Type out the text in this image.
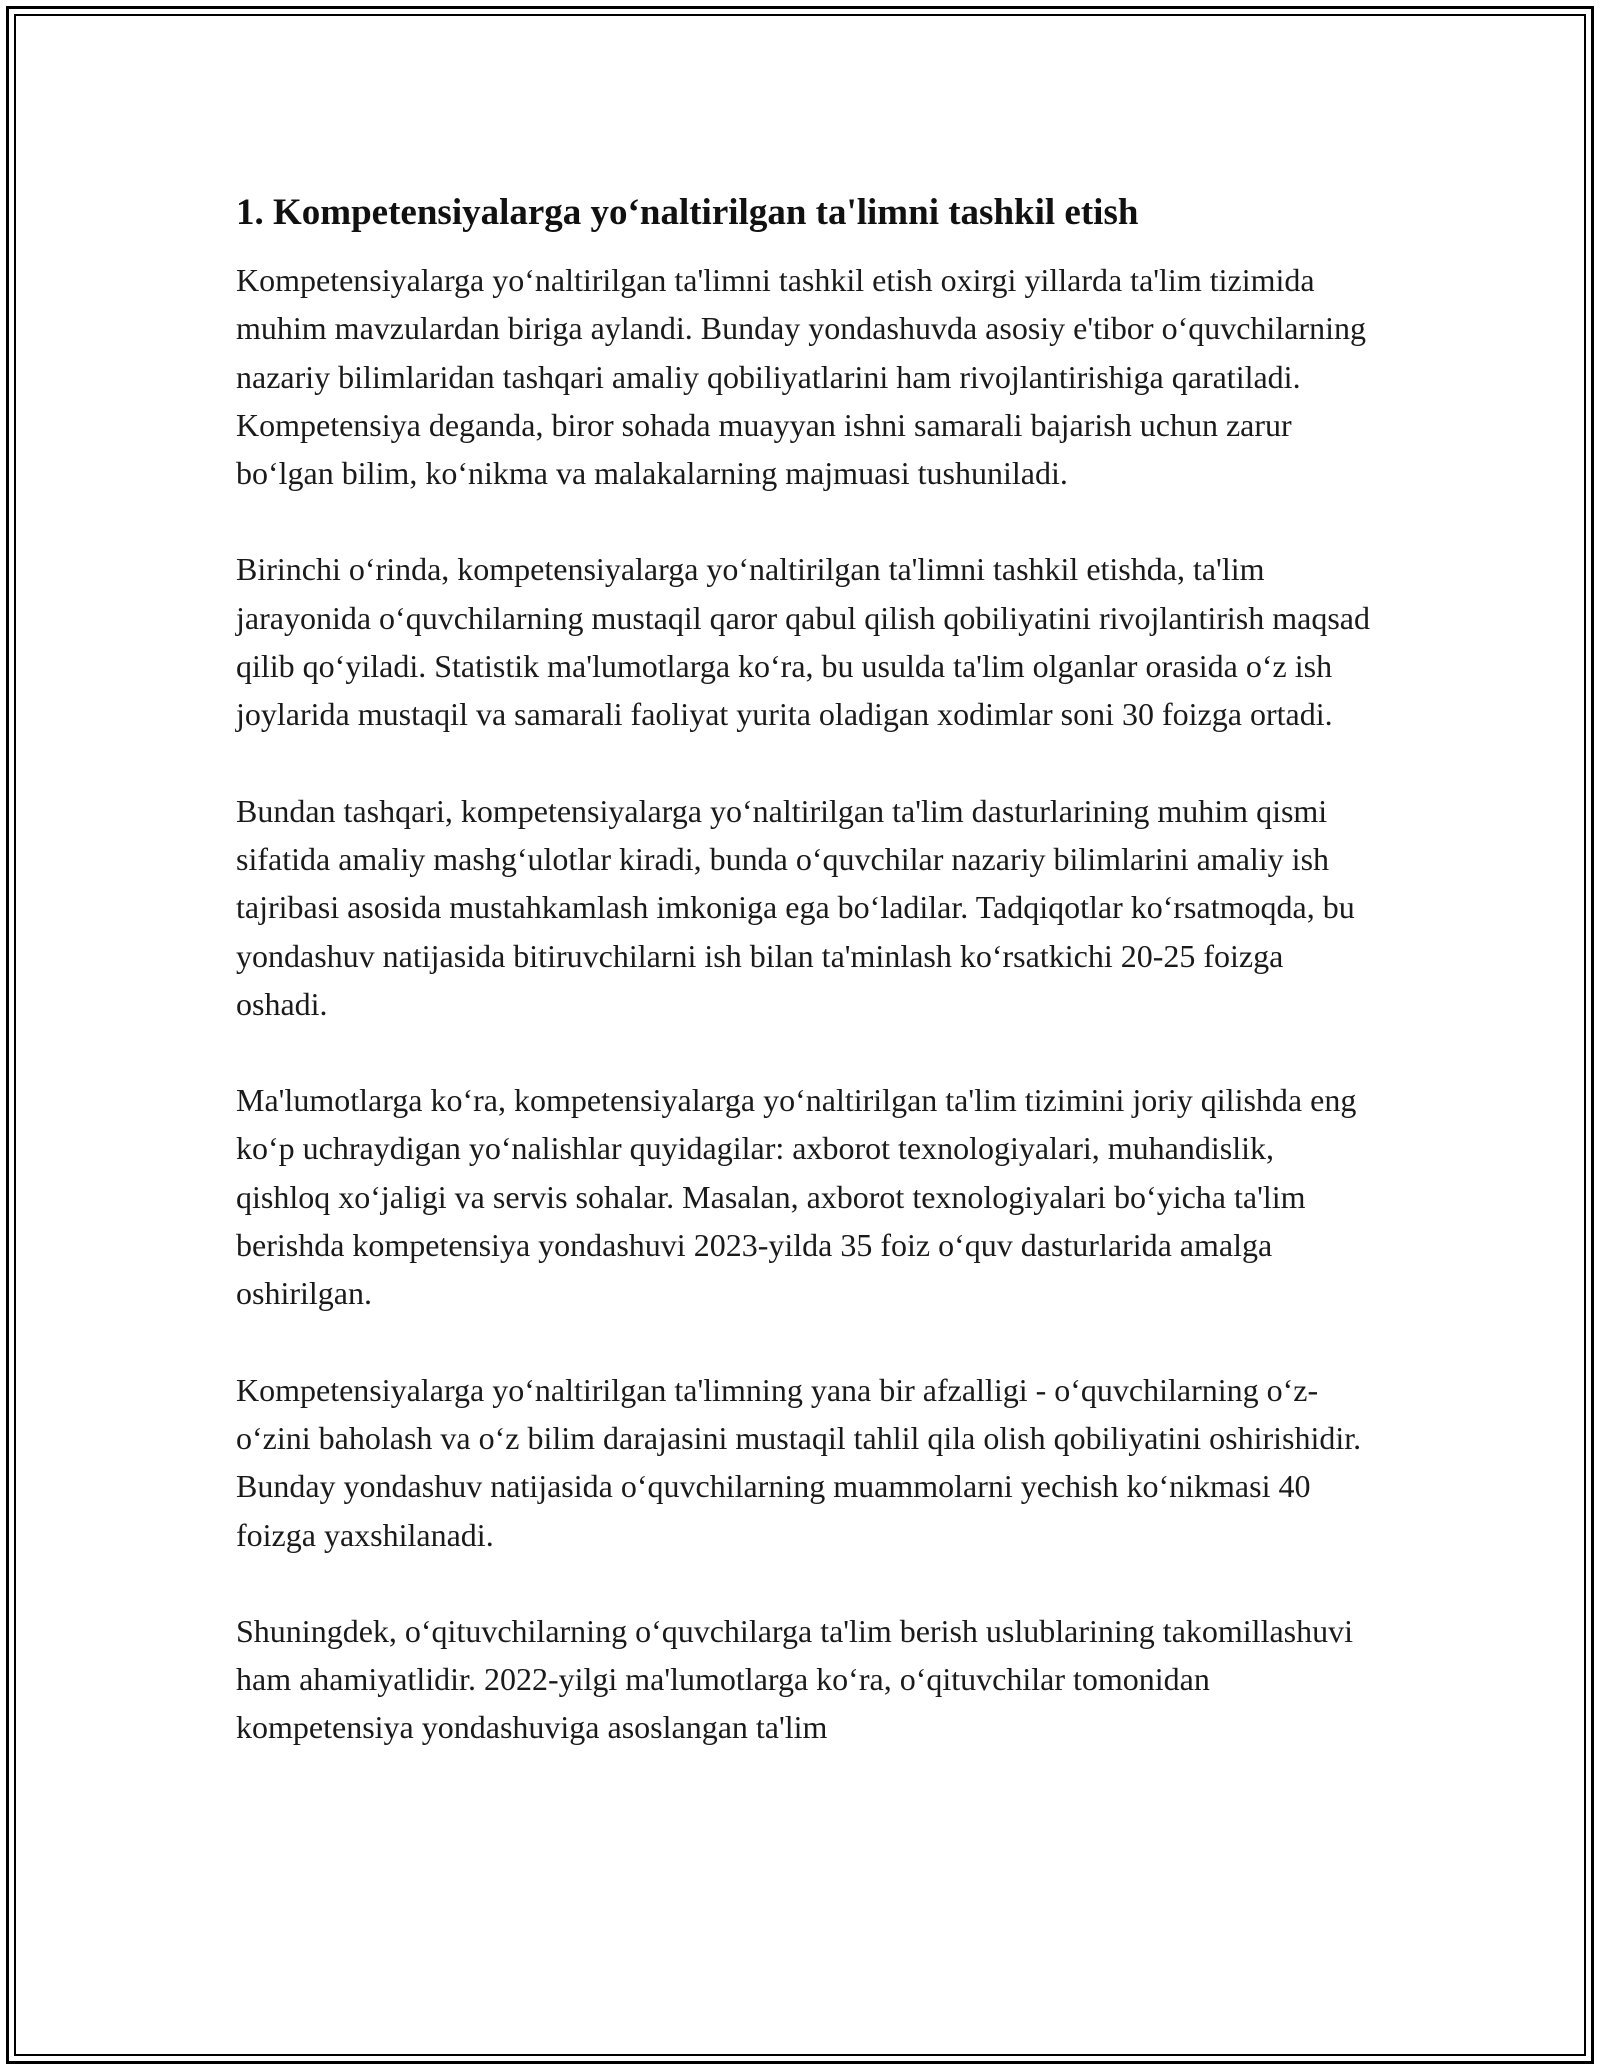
1. Kompetensiyalarga yo‘naltirilgan ta'limni tashkil etish

Kompetensiyalarga yo‘naltirilgan ta'limni tashkil etish oxirgi yillarda ta'lim tizimida muhim mavzulardan biriga aylandi. Bunday yondashuvda asosiy e'tibor o‘quvchilarning nazariy bilimlaridan tashqari amaliy qobiliyatlarini ham rivojlantirishiga qaratiladi. Kompetensiya deganda, biror sohada muayyan ishni samarali bajarish uchun zarur bo‘lgan bilim, ko‘nikma va malakalarning majmuasi tushuniladi.

Birinchi o‘rinda, kompetensiyalarga yo‘naltirilgan ta'limni tashkil etishda, ta'lim jarayonida o‘quvchilarning mustaqil qaror qabul qilish qobiliyatini rivojlantirish maqsad qilib qo‘yiladi. Statistik ma'lumotlarga ko‘ra, bu usulda ta'lim olganlar orasida o‘z ish joylarida mustaqil va samarali faoliyat yurita oladigan xodimlar soni 30 foizga ortadi.

Bundan tashqari, kompetensiyalarga yo‘naltirilgan ta'lim dasturlarining muhim qismi sifatida amaliy mashg‘ulotlar kiradi, bunda o‘quvchilar nazariy bilimlarini amaliy ish tajribasi asosida mustahkamlash imkoniga ega bo‘ladilar. Tadqiqotlar ko‘rsatmoqda, bu yondashuv natijasida bitiruvchilarni ish bilan ta'minlash ko‘rsatkichi 20-25 foizga oshadi.

Ma'lumotlarga ko‘ra, kompetensiyalarga yo‘naltirilgan ta'lim tizimini joriy qilishda eng ko‘p uchraydigan yo‘nalishlar quyidagilar: axborot texnologiyalari, muhandislik, qishloq xo‘jaligi va servis sohalar. Masalan, axborot texnologiyalari bo‘yicha ta'lim berishda kompetensiya yondashuvi 2023-yilda 35 foiz o‘quv dasturlarida amalga oshirilgan.

Kompetensiyalarga yo‘naltirilgan ta'limning yana bir afzalligi - o‘quvchilarning o‘z-o‘zini baholash va o‘z bilim darajasini mustaqil tahlil qila olish qobiliyatini oshirishidir. Bunday yondashuv natijasida o‘quvchilarning muammolarni yechish ko‘nikmasi 40 foizga yaxshilanadi.

Shuningdek, o‘qituvchilarning o‘quvchilarga ta'lim berish uslublarining takomillashuvi ham ahamiyatlidir. 2022-yilgi ma'lumotlarga ko‘ra, o‘qituvchilar tomonidan kompetensiya yondashuviga asoslangan ta'lim
